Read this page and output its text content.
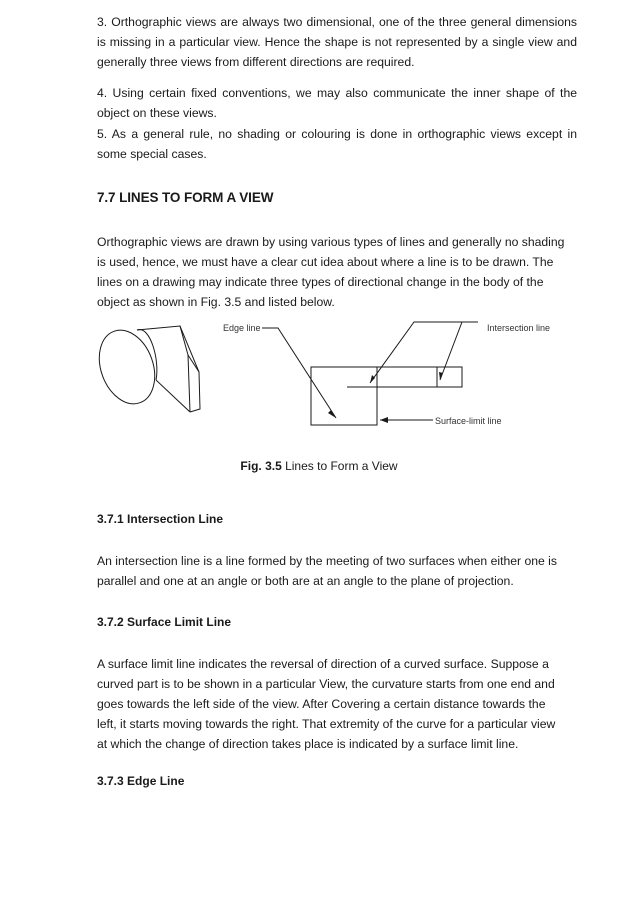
3. Orthographic views are always two dimensional, one of the three general dimensions is missing in a particular view. Hence the shape is not represented by a single view and generally three views from different directions are required.

4. Using certain fixed conventions, we may also communicate the inner shape of the object on these views.

5. As a general rule, no shading or colouring is done in orthographic views except in some special cases.

7.7 LINES TO FORM A VIEW

Orthographic views are drawn by using various types of lines and generally no shading is used, hence, we must have a clear cut idea about where a line is to be drawn. The lines on a drawing may indicate three types of directional change in the body of the object as shown in Fig. 3.5 and listed below.

Edge line	Intersection line
Surface-limit line

Fig. 3.5 Lines to Form a View

3.7.1 Intersection Line

An intersection line is a line formed by the meeting of two surfaces when either one is parallel and one at an angle or both are at an angle to the plane of projection.

3.7.2 Surface Limit Line

A surface limit line indicates the reversal of direction of a curved surface. Suppose a curved part is to be shown in a particular View, the curvature starts from one end and goes towards the left side of the view. After Covering a certain distance towards the left, it starts moving towards the right. That extremity of the curve for a particular view at which the change of direction takes place is indicated by a surface limit line.

3.7.3 Edge Line
